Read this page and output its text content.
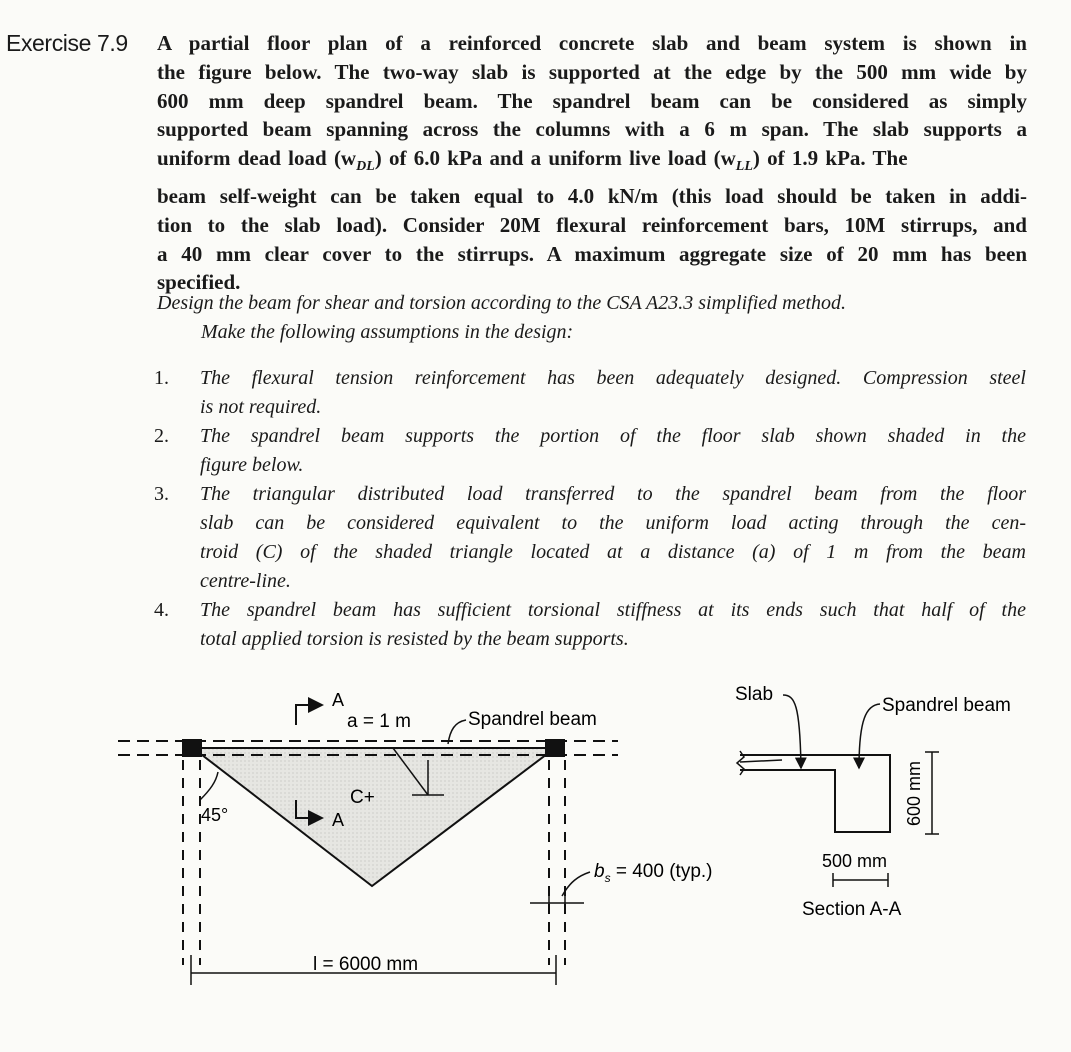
Exercise 7.9 A partial floor plan of a reinforced concrete slab and beam system is shown in
the figure below. The two-way slab is supported at the edge by the 500 mm wide by
600 mm deep spandrel beam. The spandrel beam can be considered as simply
supported beam spanning across the columns with a 6 m span. The slab supports a
uniform dead load $(w_{DL})$ of 6.0 kPa and a uniform live load $(w_{LL})$ of 1.9 kPa. The
beam self-weight can be taken equal to 4.0 kN/m (this load should be taken in addi-
tion to the slab load). Consider 20M flexural reinforcement bars, 10M stirrups, and
a 40 mm clear cover to the stirrups. A maximum aggregate size of 20 mm has been
specified.
Design the beam for shear and torsion according to the CSA A23.3 simplified method.
Make the following assumptions in the design:
1. The flexural tension reinforcement has been adequately designed. Compression steel
is not required.
2. The spandrel beam supports the portion of the floor slab shown shaded in the
figure below.
3. The triangular distributed load transferred to the spandrel beam from the floor
slab can be considered equivalent to the uniform load acting through the cen-
troid (C) of the shaded triangle located at a distance (a) of 1 m from the beam
centre-line.
4. The spandrel beam has sufficient torsional stiffness at its ends such that half of the
total applied torsion is resisted by the beam supports.
A
A
a = 1 m
C+
Spandrel beam
45°
$b_s = 400$ (typ.)
l = 6000 mm
Slab
Spandrel beam
600 mm
500 mm
Section A-A
